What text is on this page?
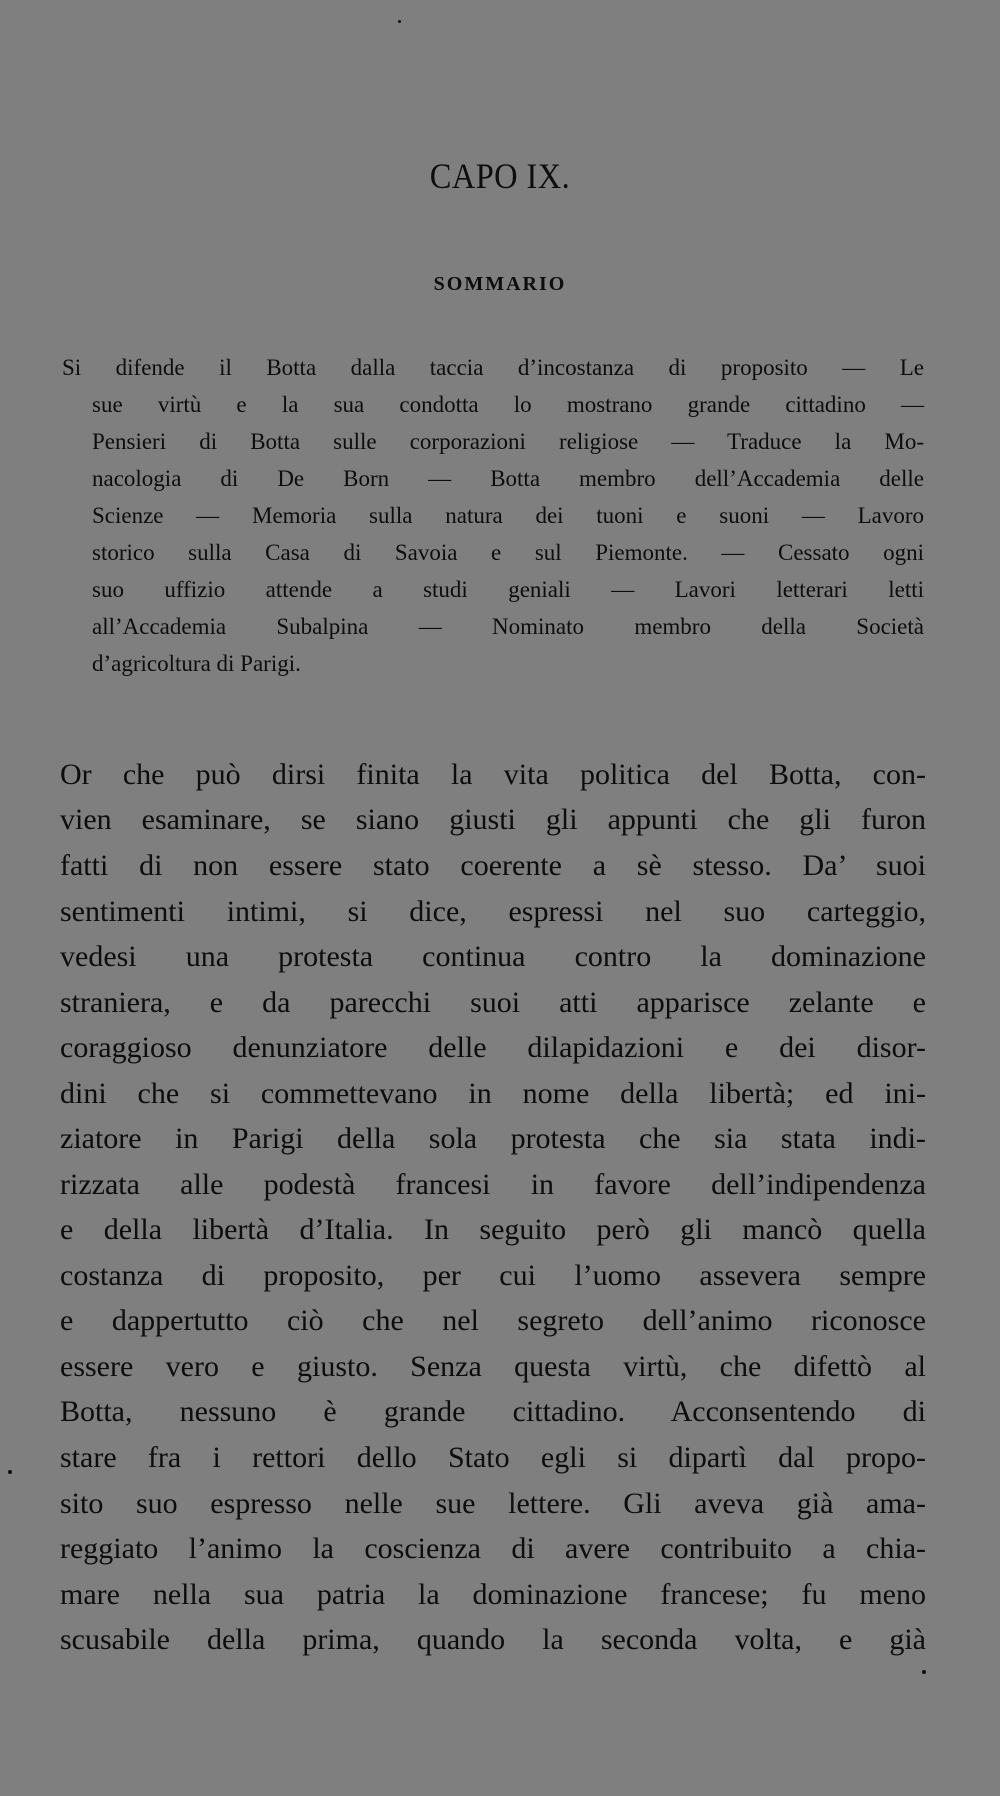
CAPO IX.
SOMMARIO
Si difende il Botta dalla taccia d’incostanza di proposito — Le
sue virtù e la sua condotta lo mostrano grande cittadino —
Pensieri di Botta sulle corporazioni religiose — Traduce la Mo-
nacologia di De Born — Botta membro dell’Accademia delle
Scienze — Memoria sulla natura dei tuoni e suoni — Lavoro
storico sulla Casa di Savoia e sul Piemonte. — Cessato ogni
suo uffizio attende a studi geniali — Lavori letterari letti
all’Accademia Subalpina — Nominato membro della Società
d’agricoltura di Parigi.
Or che può dirsi finita la vita politica del Botta, con-
vien esaminare, se siano giusti gli appunti che gli furon
fatti di non essere stato coerente a sè stesso. Da’ suoi
sentimenti intimi, si dice, espressi nel suo carteggio,
vedesi una protesta continua contro la dominazione
straniera, e da parecchi suoi atti apparisce zelante e
coraggioso denunziatore delle dilapidazioni e dei disor-
dini che si commettevano in nome della libertà; ed ini-
ziatore in Parigi della sola protesta che sia stata indi-
rizzata alle podestà francesi in favore dell’indipendenza
e della libertà d’Italia. In seguito però gli mancò quella
costanza di proposito, per cui l’uomo assevera sempre
e dappertutto ciò che nel segreto dell’animo riconosce
essere vero e giusto. Senza questa virtù, che difettò al
Botta, nessuno è grande cittadino. Acconsentendo di
stare fra i rettori dello Stato egli si dipartì dal propo-
sito suo espresso nelle sue lettere. Gli aveva già ama-
reggiato l’animo la coscienza di avere contribuito a chia-
mare nella sua patria la dominazione francese; fu meno
scusabile della prima, quando la seconda volta, e già
